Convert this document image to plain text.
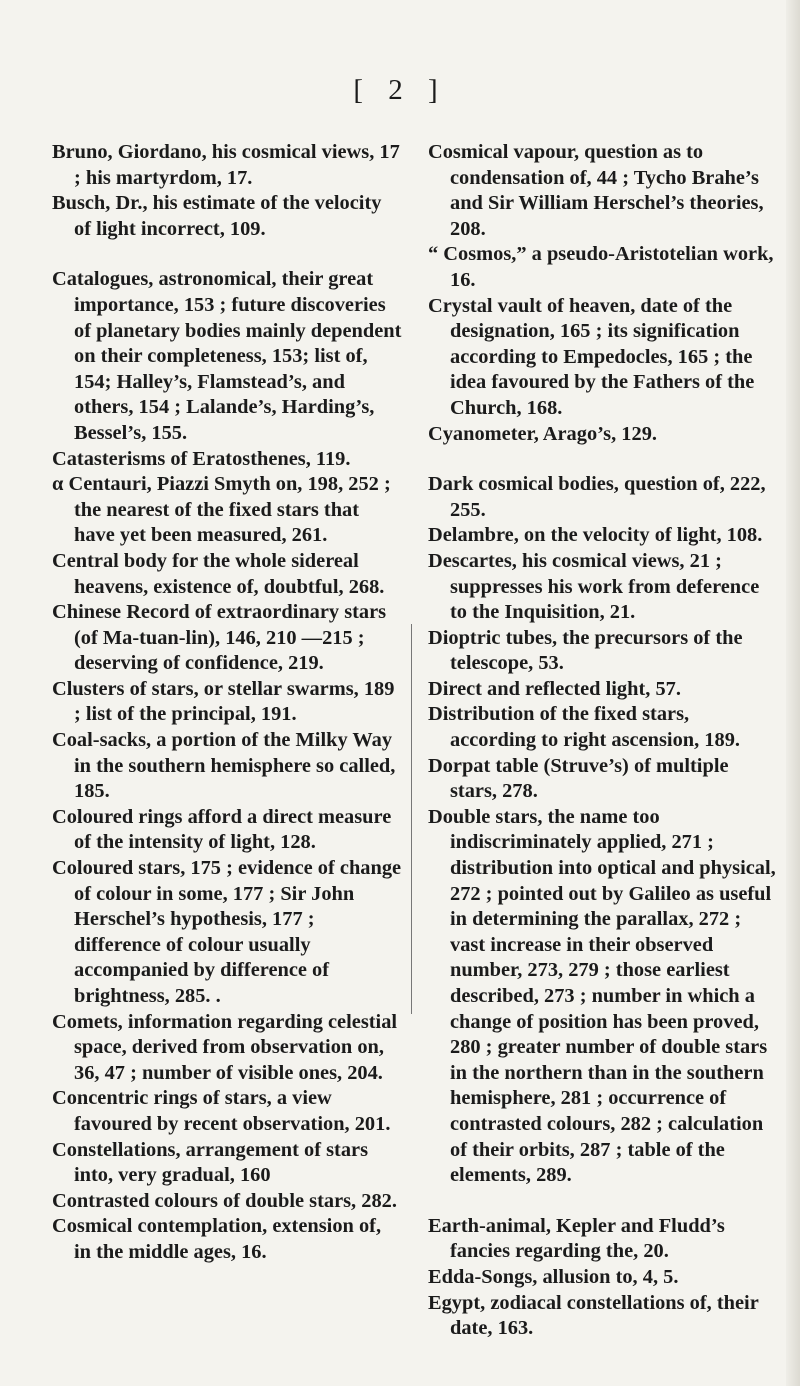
[ 2 ]

Bruno, Giordano, his cosmical views, 17 ; his martyrdom, 17.

Busch, Dr., his estimate of the velocity of light incorrect, 109.

Catalogues, astronomical, their great importance, 153 ; future discoveries of planetary bodies mainly dependent on their completeness, 153; list of, 154; Halley’s, Flamstead’s, and others, 154 ; Lalande’s, Harding’s, Bessel’s, 155.

Catasterisms of Eratosthenes, 119.

α Centauri, Piazzi Smyth on, 198, 252 ; the nearest of the fixed stars that have yet been measured, 261.

Central body for the whole sidereal heavens, existence of, doubtful, 268.

Chinese Record of extraordinary stars (of Ma-tuan-lin), 146, 210 —215 ; deserving of confidence, 219.

Clusters of stars, or stellar swarms, 189 ; list of the principal, 191.

Coal-sacks, a portion of the Milky Way in the southern hemisphere so called, 185.

Coloured rings afford a direct measure of the intensity of light, 128.

Coloured stars, 175 ; evidence of change of colour in some, 177 ; Sir John Herschel’s hypothesis, 177 ; difference of colour usually accompanied by difference of brightness, 285. .

Comets, information regarding celestial space, derived from observation on, 36, 47 ; number of visible ones, 204.

Concentric rings of stars, a view favoured by recent observation, 201.

Constellations, arrangement of stars into, very gradual, 160

Contrasted colours of double stars, 282.

Cosmical contemplation, extension of, in the middle ages, 16.

Cosmical vapour, question as to condensation of, 44 ; Tycho Brahe’s and Sir William Herschel’s theories, 208.

“ Cosmos,” a pseudo-Aristotelian work, 16.

Crystal vault of heaven, date of the designation, 165 ; its signification according to Empedocles, 165 ; the idea favoured by the Fathers of the Church, 168.

Cyanometer, Arago’s, 129.

Dark cosmical bodies, question of, 222, 255.

Delambre, on the velocity of light, 108.

Descartes, his cosmical views, 21 ; suppresses his work from deference to the Inquisition, 21.

Dioptric tubes, the precursors of the telescope, 53.

Direct and reflected light, 57.

Distribution of the fixed stars, according to right ascension, 189.

Dorpat table (Struve’s) of multiple stars, 278.

Double stars, the name too indiscriminately applied, 271 ; distribution into optical and physical, 272 ; pointed out by Galileo as useful in determining the parallax, 272 ; vast increase in their observed number, 273, 279 ; those earliest described, 273 ; number in which a change of position has been proved, 280 ; greater number of double stars in the northern than in the southern hemisphere, 281 ; occurrence of contrasted colours, 282 ; calculation of their orbits, 287 ; table of the elements, 289.

Earth-animal, Kepler and Fludd’s fancies regarding the, 20.

Edda-Songs, allusion to, 4, 5.

Egypt, zodiacal constellations of, their date, 163.
